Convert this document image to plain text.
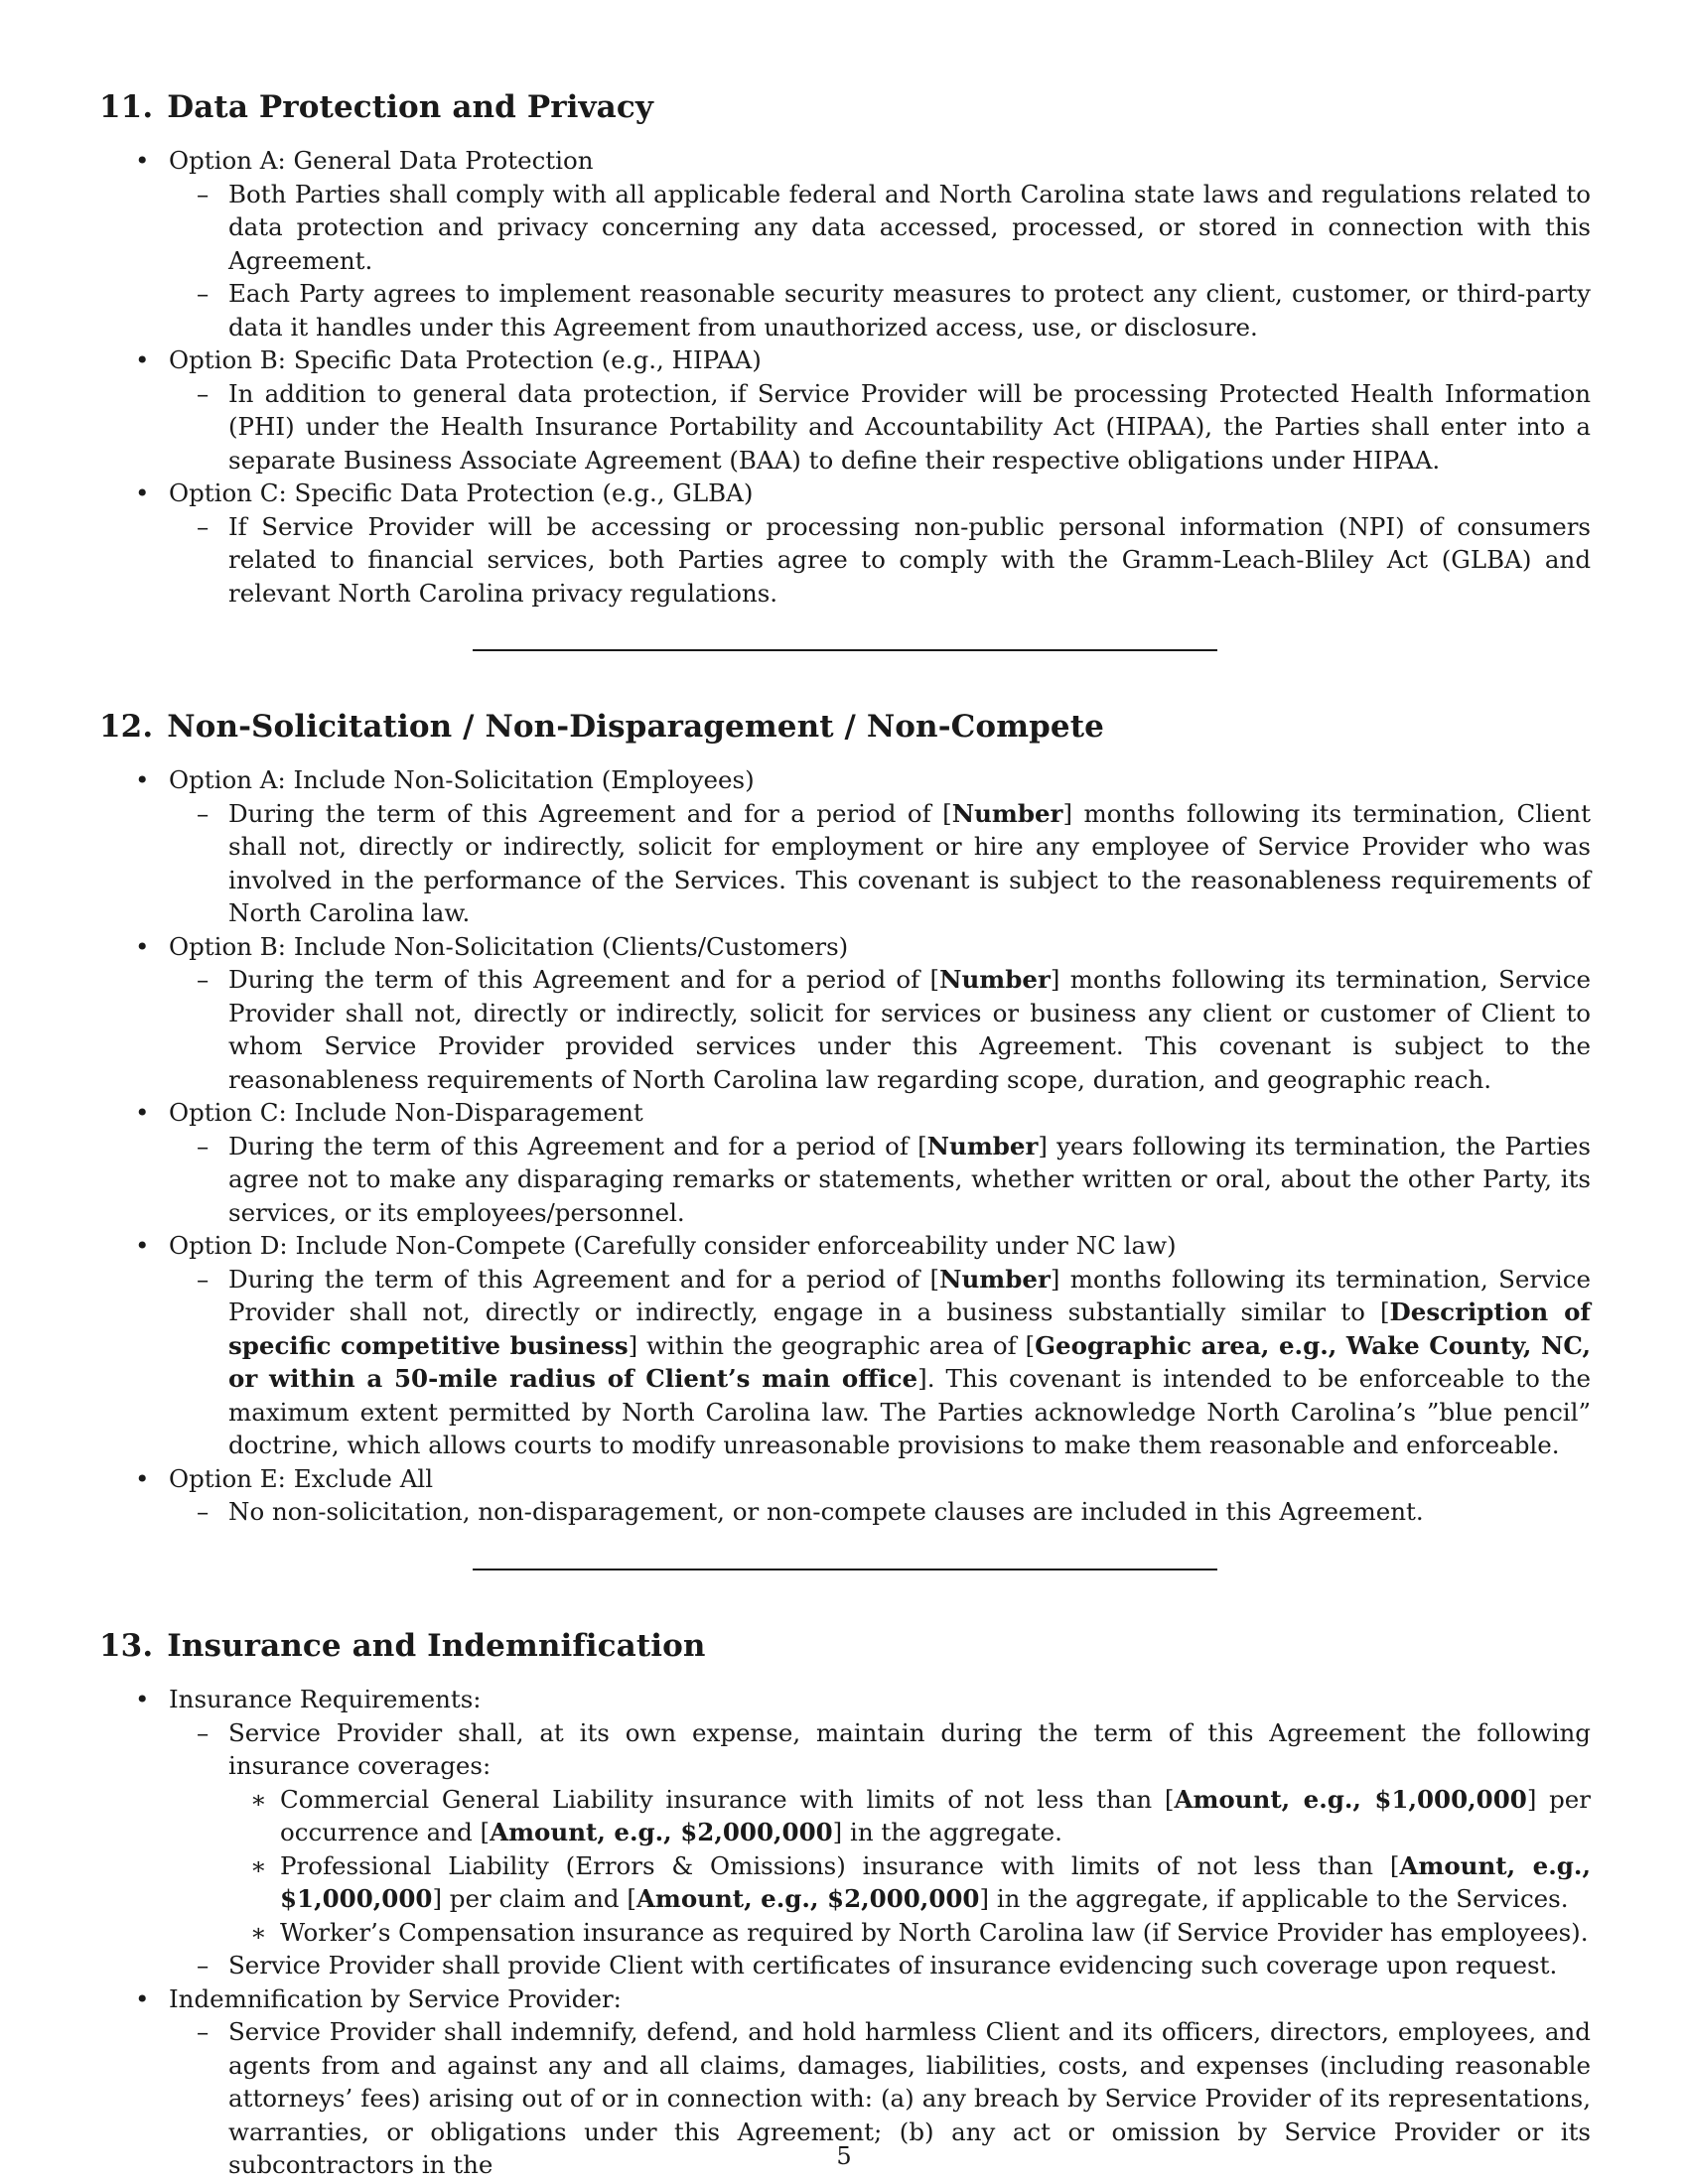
11. Data Protection and Privacy
• Option A: General Data Protection
– Both Parties shall comply with all applicable federal and North Carolina state laws and regulations related to data protection and privacy concerning any data accessed, processed, or stored in connection with this Agreement.
– Each Party agrees to implement reasonable security measures to protect any client, customer, or third-party data it handles under this Agreement from unauthorized access, use, or disclosure.
• Option B: Specific Data Protection (e.g., HIPAA)
– In addition to general data protection, if Service Provider will be processing Protected Health Information (PHI) under the Health Insurance Portability and Accountability Act (HIPAA), the Parties shall enter into a separate Business Associate Agreement (BAA) to define their respective obligations under HIPAA.
• Option C: Specific Data Protection (e.g., GLBA)
– If Service Provider will be accessing or processing non-public personal information (NPI) of consumers related to financial services, both Parties agree to comply with the Gramm-Leach-Bliley Act (GLBA) and relevant North Carolina privacy regulations.
12. Non-Solicitation / Non-Disparagement / Non-Compete
• Option A: Include Non-Solicitation (Employees)
– During the term of this Agreement and for a period of [Number] months following its termination, Client shall not, directly or indirectly, solicit for employment or hire any employee of Service Provider who was involved in the performance of the Services. This covenant is subject to the reasonableness requirements of North Carolina law.
• Option B: Include Non-Solicitation (Clients/Customers)
– During the term of this Agreement and for a period of [Number] months following its termination, Service Provider shall not, directly or indirectly, solicit for services or business any client or customer of Client to whom Service Provider provided services under this Agreement. This covenant is subject to the reasonableness requirements of North Carolina law regarding scope, duration, and geographic reach.
• Option C: Include Non-Disparagement
– During the term of this Agreement and for a period of [Number] years following its termination, the Parties agree not to make any disparaging remarks or statements, whether written or oral, about the other Party, its services, or its employees/personnel.
• Option D: Include Non-Compete (Carefully consider enforceability under NC law)
– During the term of this Agreement and for a period of [Number] months following its termination, Service Provider shall not, directly or indirectly, engage in a business substantially similar to [Description of specific competitive business] within the geographic area of [Geographic area, e.g., Wake County, NC, or within a 50-mile radius of Client’s main office]. This covenant is intended to be enforceable to the maximum extent permitted by North Carolina law. The Parties acknowledge North Carolina’s ”blue pencil” doctrine, which allows courts to modify unreasonable provisions to make them reasonable and enforceable.
• Option E: Exclude All
– No non-solicitation, non-disparagement, or non-compete clauses are included in this Agreement.
13. Insurance and Indemnification
• Insurance Requirements:
– Service Provider shall, at its own expense, maintain during the term of this Agreement the following insurance coverages:
∗ Commercial General Liability insurance with limits of not less than [Amount, e.g., $1,000,000] per occurrence and [Amount, e.g., $2,000,000] in the aggregate.
∗ Professional Liability (Errors & Omissions) insurance with limits of not less than [Amount, e.g., $1,000,000] per claim and [Amount, e.g., $2,000,000] in the aggregate, if applicable to the Services.
∗ Worker’s Compensation insurance as required by North Carolina law (if Service Provider has employees).
– Service Provider shall provide Client with certificates of insurance evidencing such coverage upon request.
• Indemnification by Service Provider:
– Service Provider shall indemnify, defend, and hold harmless Client and its officers, directors, employees, and agents from and against any and all claims, damages, liabilities, costs, and expenses (including reasonable attorneys’ fees) arising out of or in connection with: (a) any breach by Service Provider of its representations, warranties, or obligations under this Agreement; (b) any act or omission by Service Provider or its subcontractors in the	5
